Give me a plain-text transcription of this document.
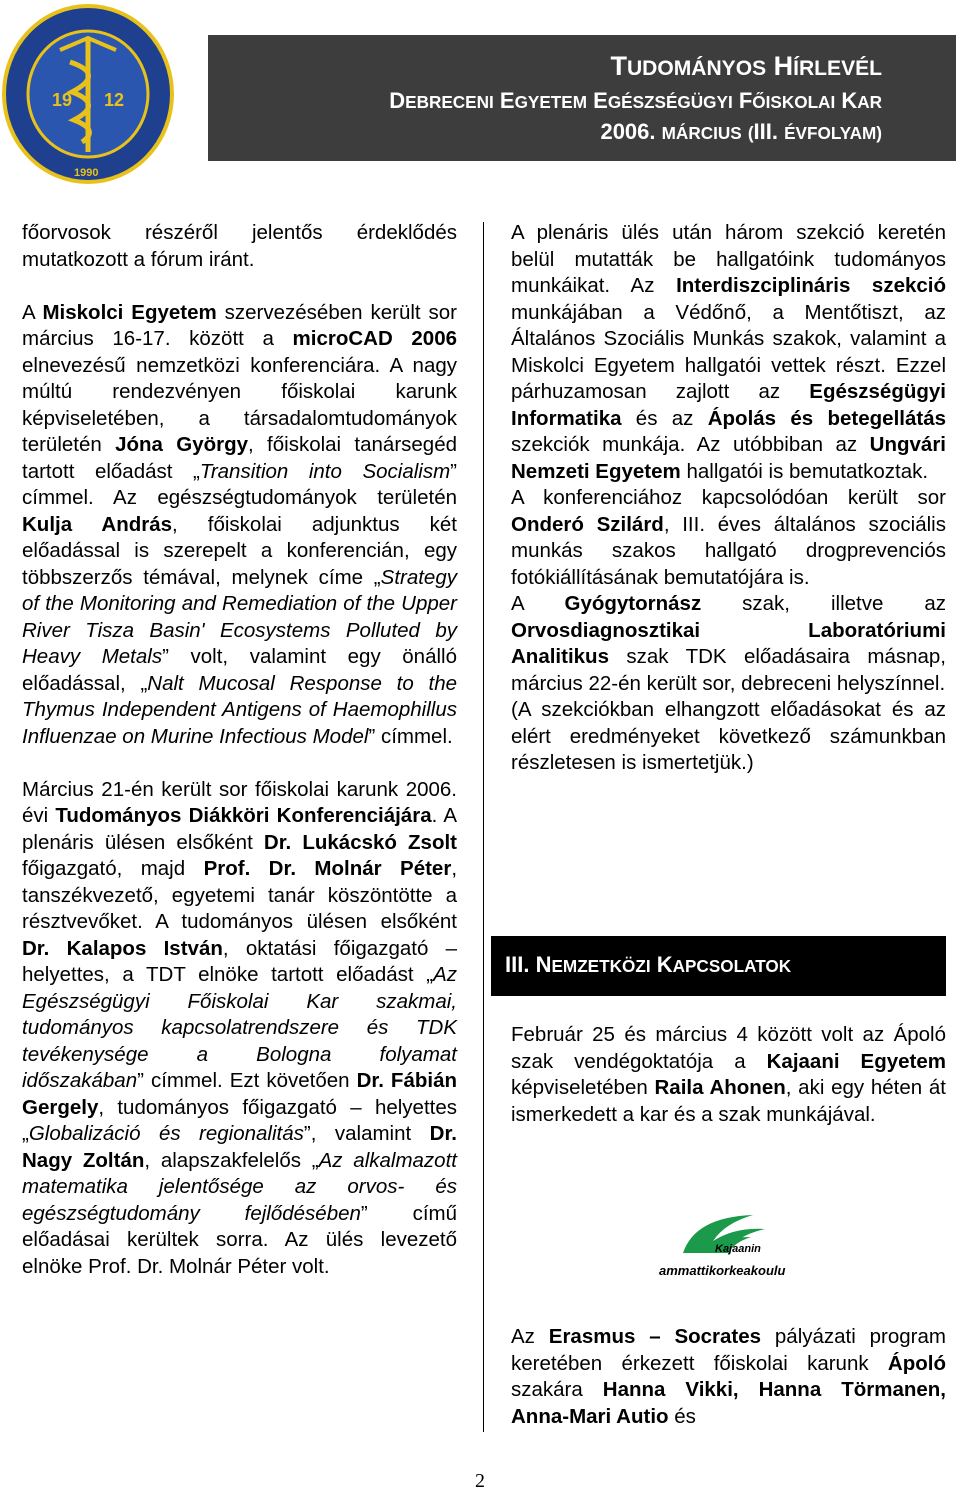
19 12
1990
TUDOMÁNYOS HÍRLEVÉL
DEBRECENI EGYETEM EGÉSZSÉGÜGYI FŐISKOLAI KAR
2006. MÁRCIUS (III. ÉVFOLYAM)

főorvosok részéről jelentős érdeklődés mutatkozott a fórum iránt.

A Miskolci Egyetem szervezésében került sor március 16-17. között a microCAD 2006 elnevezésű nemzetközi konferenciára. A nagy múltú rendezvényen főiskolai karunk képviseletében, a társadalomtudományok területén Jóna György, főiskolai tanársegéd tartott előadást „Transition into Socialism” címmel. Az egészségtudományok területén Kulja András, főiskolai adjunktus két előadással is szerepelt a konferencián, egy többszerzős témával, melynek címe „Strategy of the Monitoring and Remediation of the Upper River Tisza Basin' Ecosystems Polluted by Heavy Metals” volt, valamint egy önálló előadással, „Nalt Mucosal Response to the Thymus Independent Antigens of Haemophillus Influenzae on Murine Infectious Model” címmel.

Március 21-én került sor főiskolai karunk 2006. évi Tudományos Diákköri Konferenciájára. A plenáris ülésen elsőként Dr. Lukácskó Zsolt főigazgató, majd Prof. Dr. Molnár Péter, tanszékvezető, egyetemi tanár köszöntötte a résztvevőket. A tudományos ülésen elsőként Dr. Kalapos István, oktatási főigazgató – helyettes, a TDT elnöke tartott előadást „Az Egészségügyi Főiskolai Kar szakmai, tudományos kapcsolatrendszere és TDK tevékenysége a Bologna folyamat időszakában” címmel. Ezt követően Dr. Fábián Gergely, tudományos főigazgató – helyettes „Globalizáció és regionalitás”, valamint Dr. Nagy Zoltán, alapszakfelelős „Az alkalmazott matematika jelentősége az orvos- és egészségtudomány fejlődésében” című előadásai kerültek sorra. Az ülés levezető elnöke Prof. Dr. Molnár Péter volt.

A plenáris ülés után három szekció keretén belül mutatták be hallgatóink tudományos munkáikat. Az Interdiszciplináris szekció munkájában a Védőnő, a Mentőtiszt, az Általános Szociális Munkás szakok, valamint a Miskolci Egyetem hallgatói vettek részt. Ezzel párhuzamosan zajlott az Egészségügyi Informatika és az Ápolás és betegellátás szekciók munkája. Az utóbbiban az Ungvári Nemzeti Egyetem hallgatói is bemutatkoztak.

A konferenciához kapcsolódóan került sor Onderó Szilárd, III. éves általános szociális munkás szakos hallgató drogprevenciós fotókiállításának bemutatójára is.

A Gyógytornász szak, illetve az Orvosdiagnosztikai Laboratóriumi Analitikus szak TDK előadásaira másnap, március 22-én került sor, debreceni helyszínnel.

(A szekciókban elhangzott előadásokat és az elért eredményeket következő számunkban részletesen is ismertetjük.)

III. NEMZETKÖZI KAPCSOLATOK

Február 25 és március 4 között volt az Ápoló szak vendégoktatója a Kajaani Egyetem képviseletében Raila Ahonen, aki egy héten át ismerkedett a kar és a szak munkájával.

Kajaanin
ammattikorkeakoulu

Az Erasmus – Socrates pályázati program keretében érkezett főiskolai karunk Ápoló szakára Hanna Vikki, Hanna Törmanen, Anna-Mari Autio és

2
